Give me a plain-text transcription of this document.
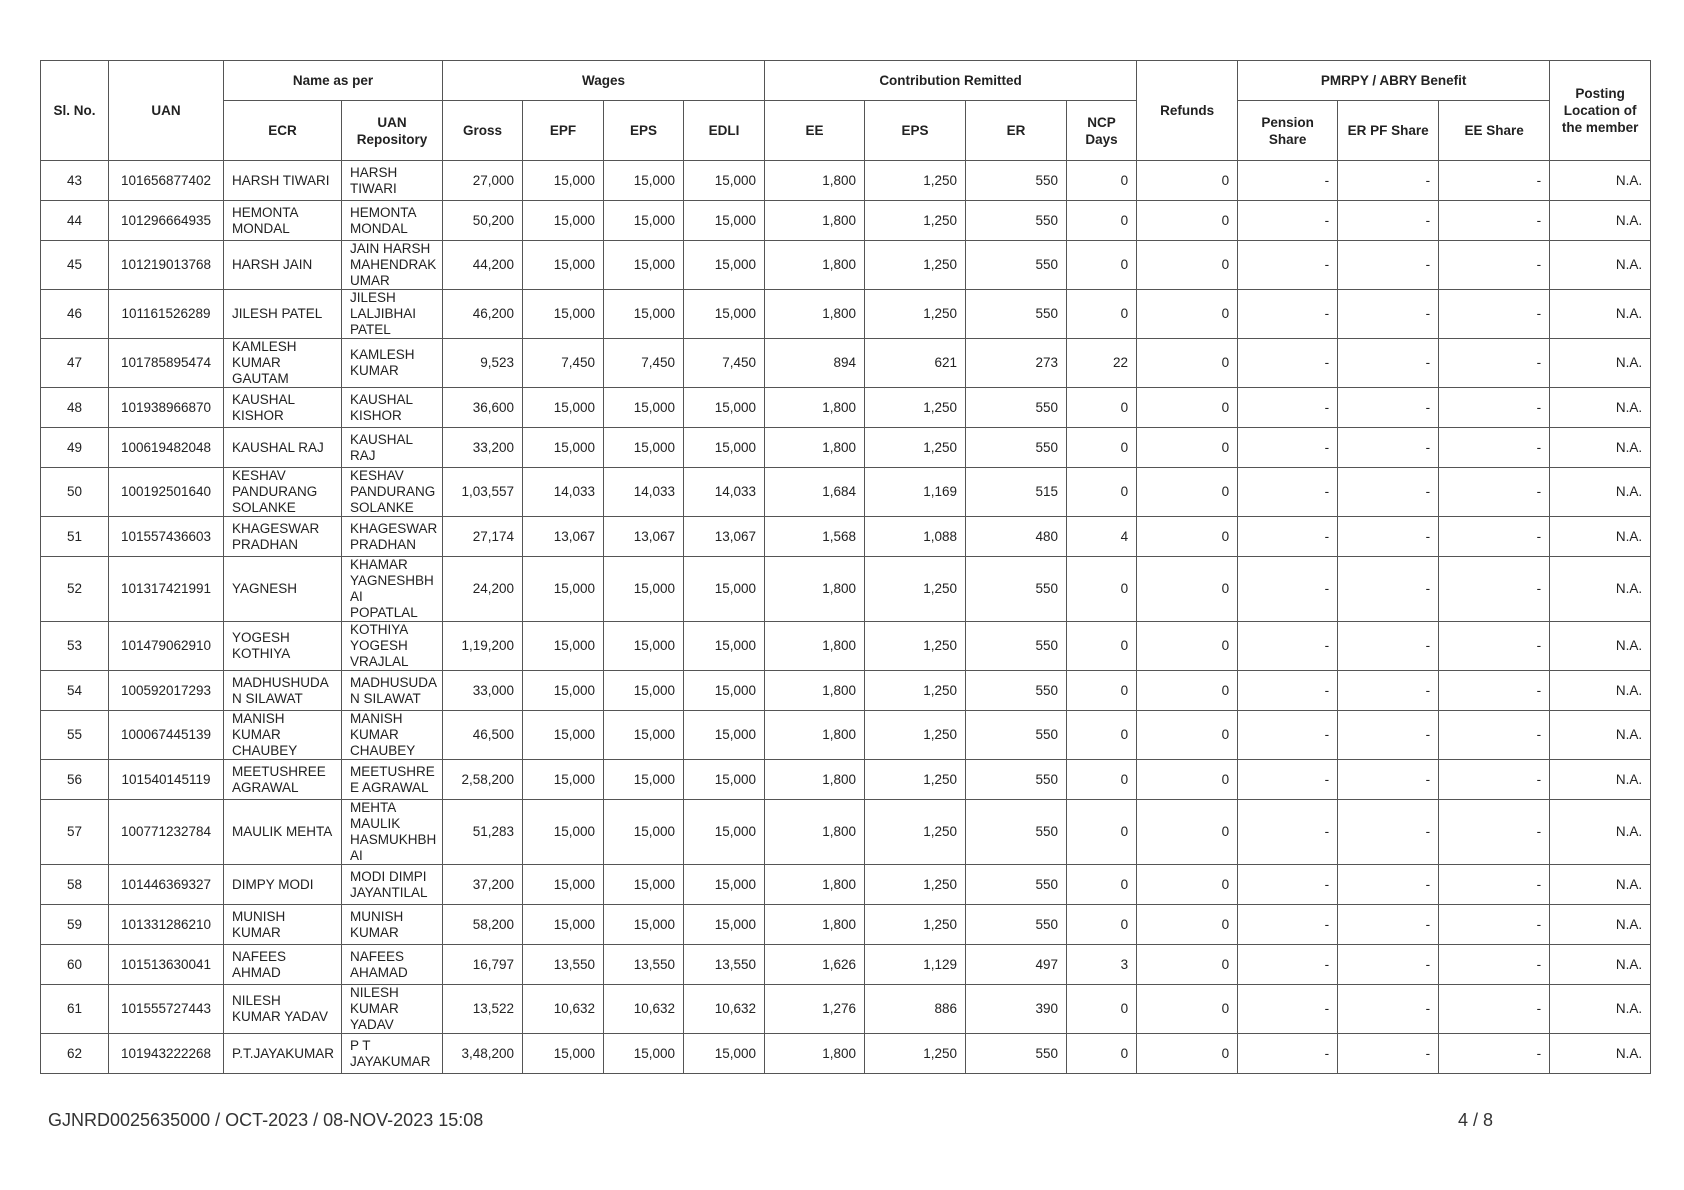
Sl. No.	UAN	Name as per		Wages				Contribution Remitted				Refunds	PMRPY / ABRY Benefit			Posting Location of the member
		ECR	UAN Repository	Gross	EPF	EPS	EDLI	EE	EPS	ER	NCP Days		Pension Share	ER PF Share	EE Share	
43	101656877402	HARSH TIWARI	HARSH TIWARI	27,000	15,000	15,000	15,000	1,800	1,250	550	0	0	-	-	-	N.A.
44	101296664935	HEMONTA MONDAL	HEMONTA MONDAL	50,200	15,000	15,000	15,000	1,800	1,250	550	0	0	-	-	-	N.A.
45	101219013768	HARSH JAIN	JAIN HARSH MAHENDRAK UMAR	44,200	15,000	15,000	15,000	1,800	1,250	550	0	0	-	-	-	N.A.
46	101161526289	JILESH PATEL	JILESH LALJIBHAI PATEL	46,200	15,000	15,000	15,000	1,800	1,250	550	0	0	-	-	-	N.A.
47	101785895474	KAMLESH KUMAR GAUTAM	KAMLESH KUMAR	9,523	7,450	7,450	7,450	894	621	273	22	0	-	-	-	N.A.
48	101938966870	KAUSHAL KISHOR	KAUSHAL KISHOR	36,600	15,000	15,000	15,000	1,800	1,250	550	0	0	-	-	-	N.A.
49	100619482048	KAUSHAL RAJ	KAUSHAL RAJ	33,200	15,000	15,000	15,000	1,800	1,250	550	0	0	-	-	-	N.A.
50	100192501640	KESHAV PANDURANG SOLANKE	KESHAV PANDURANG SOLANKE	1,03,557	14,033	14,033	14,033	1,684	1,169	515	0	0	-	-	-	N.A.
51	101557436603	KHAGESWAR PRADHAN	KHAGESWAR PRADHAN	27,174	13,067	13,067	13,067	1,568	1,088	480	4	0	-	-	-	N.A.
52	101317421991	YAGNESH	KHAMAR YAGNESHBH AI POPATLAL	24,200	15,000	15,000	15,000	1,800	1,250	550	0	0	-	-	-	N.A.
53	101479062910	YOGESH KOTHIYA	KOTHIYA YOGESH VRAJLAL	1,19,200	15,000	15,000	15,000	1,800	1,250	550	0	0	-	-	-	N.A.
54	100592017293	MADHUSHUDA N SILAWAT	MADHUSUDA N SILAWAT	33,000	15,000	15,000	15,000	1,800	1,250	550	0	0	-	-	-	N.A.
55	100067445139	MANISH KUMAR CHAUBEY	MANISH KUMAR CHAUBEY	46,500	15,000	15,000	15,000	1,800	1,250	550	0	0	-	-	-	N.A.
56	101540145119	MEETUSHREE AGRAWAL	MEETUSHRE E AGRAWAL	2,58,200	15,000	15,000	15,000	1,800	1,250	550	0	0	-	-	-	N.A.
57	100771232784	MAULIK MEHTA	MEHTA MAULIK HASMUKHBH AI	51,283	15,000	15,000	15,000	1,800	1,250	550	0	0	-	-	-	N.A.
58	101446369327	DIMPY MODI	MODI DIMPI JAYANTILAL	37,200	15,000	15,000	15,000	1,800	1,250	550	0	0	-	-	-	N.A.
59	101331286210	MUNISH KUMAR	MUNISH KUMAR	58,200	15,000	15,000	15,000	1,800	1,250	550	0	0	-	-	-	N.A.
60	101513630041	NAFEES AHMAD	NAFEES AHAMAD	16,797	13,550	13,550	13,550	1,626	1,129	497	3	0	-	-	-	N.A.
61	101555727443	NILESH KUMAR YADAV	NILESH KUMAR YADAV	13,522	10,632	10,632	10,632	1,276	886	390	0	0	-	-	-	N.A.
62	101943222268	P.T.JAYAKUMAR	P T JAYAKUMAR	3,48,200	15,000	15,000	15,000	1,800	1,250	550	0	0	-	-	-	N.A.
GJNRD0025635000 / OCT-2023 / 08-NOV-2023 15:08	4 / 8
